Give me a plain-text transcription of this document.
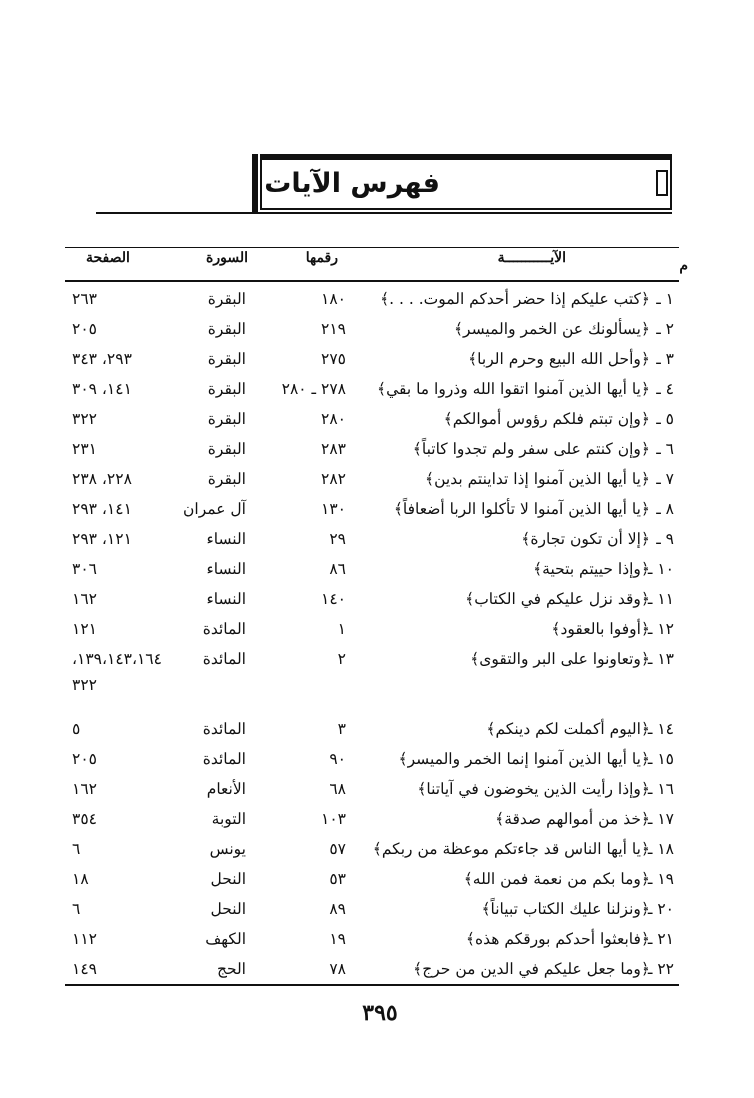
فهرس الآيات
م
الآيـــــــــــة
رقمها
السورة
الصفحة
١ ـ
﴿كتب عليكم إذا حضر أحدكم الموت. . . .﴾
١٨٠
البقرة
٢٦٣
٢ ـ
﴿يسألونك عن الخمر والميسر﴾
٢١٩
البقرة
٢٠٥
٣ ـ
﴿وأحل الله البيع وحرم الربا﴾
٢٧٥
البقرة
٢٩٣، ٣٤٣
٤ ـ
﴿يا أيها الذين آمنوا اتقوا الله وذروا ما بقي﴾
٢٧٨ ـ ٢٨٠
البقرة
١٤١، ٣٠٩
٥ ـ
﴿وإن تبتم فلكم رؤوس أموالكم﴾
٢٨٠
البقرة
٣٢٢
٦ ـ
﴿وإن كنتم على سفر ولم تجدوا كاتباً﴾
٢٨٣
البقرة
٢٣١
٧ ـ
﴿يا أيها الذين آمنوا إذا تداينتم بدين﴾
٢٨٢
البقرة
٢٢٨، ٢٣٨
٨ ـ
﴿يا أيها الذين آمنوا لا تأكلوا الربا أضعافاً﴾
١٣٠
آل عمران
١٤١، ٢٩٣
٩ ـ
﴿إلا أن تكون تجارة﴾
٢٩
النساء
١٢١، ٢٩٣
١٠ ـ
﴿وإذا حييتم بتحية﴾
٨٦
النساء
٣٠٦
١١ ـ
﴿وقد نزل عليكم في الكتاب﴾
١٤٠
النساء
١٦٢
١٢ ـ
﴿أوفوا بالعقود﴾
١
المائدة
١٢١
١٣ ـ
﴿وتعاونوا على البر والتقوى﴾
٢
المائدة
١٣٩،١٤٣،١٦٤،
٣٢٢
١٤ ـ
﴿اليوم أكملت لكم دينكم﴾
٣
المائدة
٥
١٥ ـ
﴿يا أيها الذين آمنوا إنما الخمر والميسر﴾
٩٠
المائدة
٢٠٥
١٦ ـ
﴿وإذا رأيت الذين يخوضون في آياتنا﴾
٦٨
الأنعام
١٦٢
١٧ ـ
﴿خذ من أموالهم صدقة﴾
١٠٣
التوبة
٣٥٤
١٨ ـ
﴿يا أيها الناس قد جاءتكم موعظة من ربكم﴾
٥٧
يونس
٦
١٩ ـ
﴿وما بكم من نعمة فمن الله﴾
٥٣
النحل
١٨
٢٠ ـ
﴿ونزلنا عليك الكتاب تبياناً﴾
٨٩
النحل
٦
٢١ ـ
﴿فابعثوا أحدكم بورقكم هذه﴾
١٩
الكهف
١١٢
٢٢ ـ
﴿وما جعل عليكم في الدين من حرج﴾
٧٨
الحج
١٤٩
٣٩٥
